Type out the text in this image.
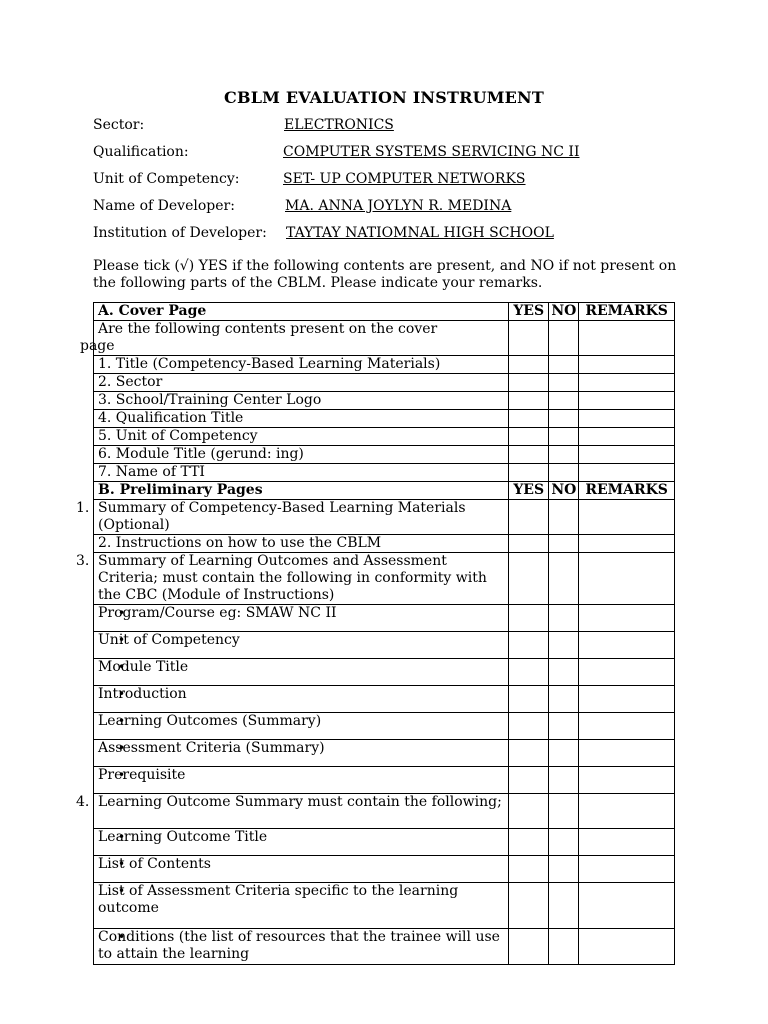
CBLM EVALUATION INSTRUMENT
Sector:	ELECTRONICS
Qualification:	COMPUTER SYSTEMS SERVICING NC II
Unit of Competency:	SET- UP COMPUTER NETWORKS
Name of Developer:	MA. ANNA JOYLYN R. MEDINA
Institution of Developer: TAYTAY NATIOMNAL HIGH SCHOOL
Please tick (√) YES if the following contents are present, and NO if not present on the following parts of the CBLM. Please indicate your remarks.
A. Cover Page	YES	NO	REMARKS

Are the following contents present on the cover
page			

1. Title (Competency-Based Learning Materials)			
2. Sector			
3. School/Training Center Logo			
4. Qualification Title			
5. Unit of Competency			
6. Module Title (gerund: ing)			
7. Name of TTI			
B. Preliminary Pages	YES	NO	REMARKS

1. Summary of Competency-Based Learning Materials (Optional)			

2. Instructions on how to use the CBLM			

3. Summary of Learning Outcomes and Assessment Criteria; must contain the following in conformity with the CBC (Module of Instructions)			

• Program/Course eg: SMAW NC II			
• Unit of Competency			
• Module Title			
• Introduction			
• Learning Outcomes (Summary)			
• Assessment Criteria (Summary)			
• Prerequisite			

4. Learning Outcome Summary must contain the following;			

• Learning Outcome Title			
• List of Contents			
• List of Assessment Criteria specific to the learning outcome			
• Conditions (the list of resources that the trainee will use to attain the learning			
